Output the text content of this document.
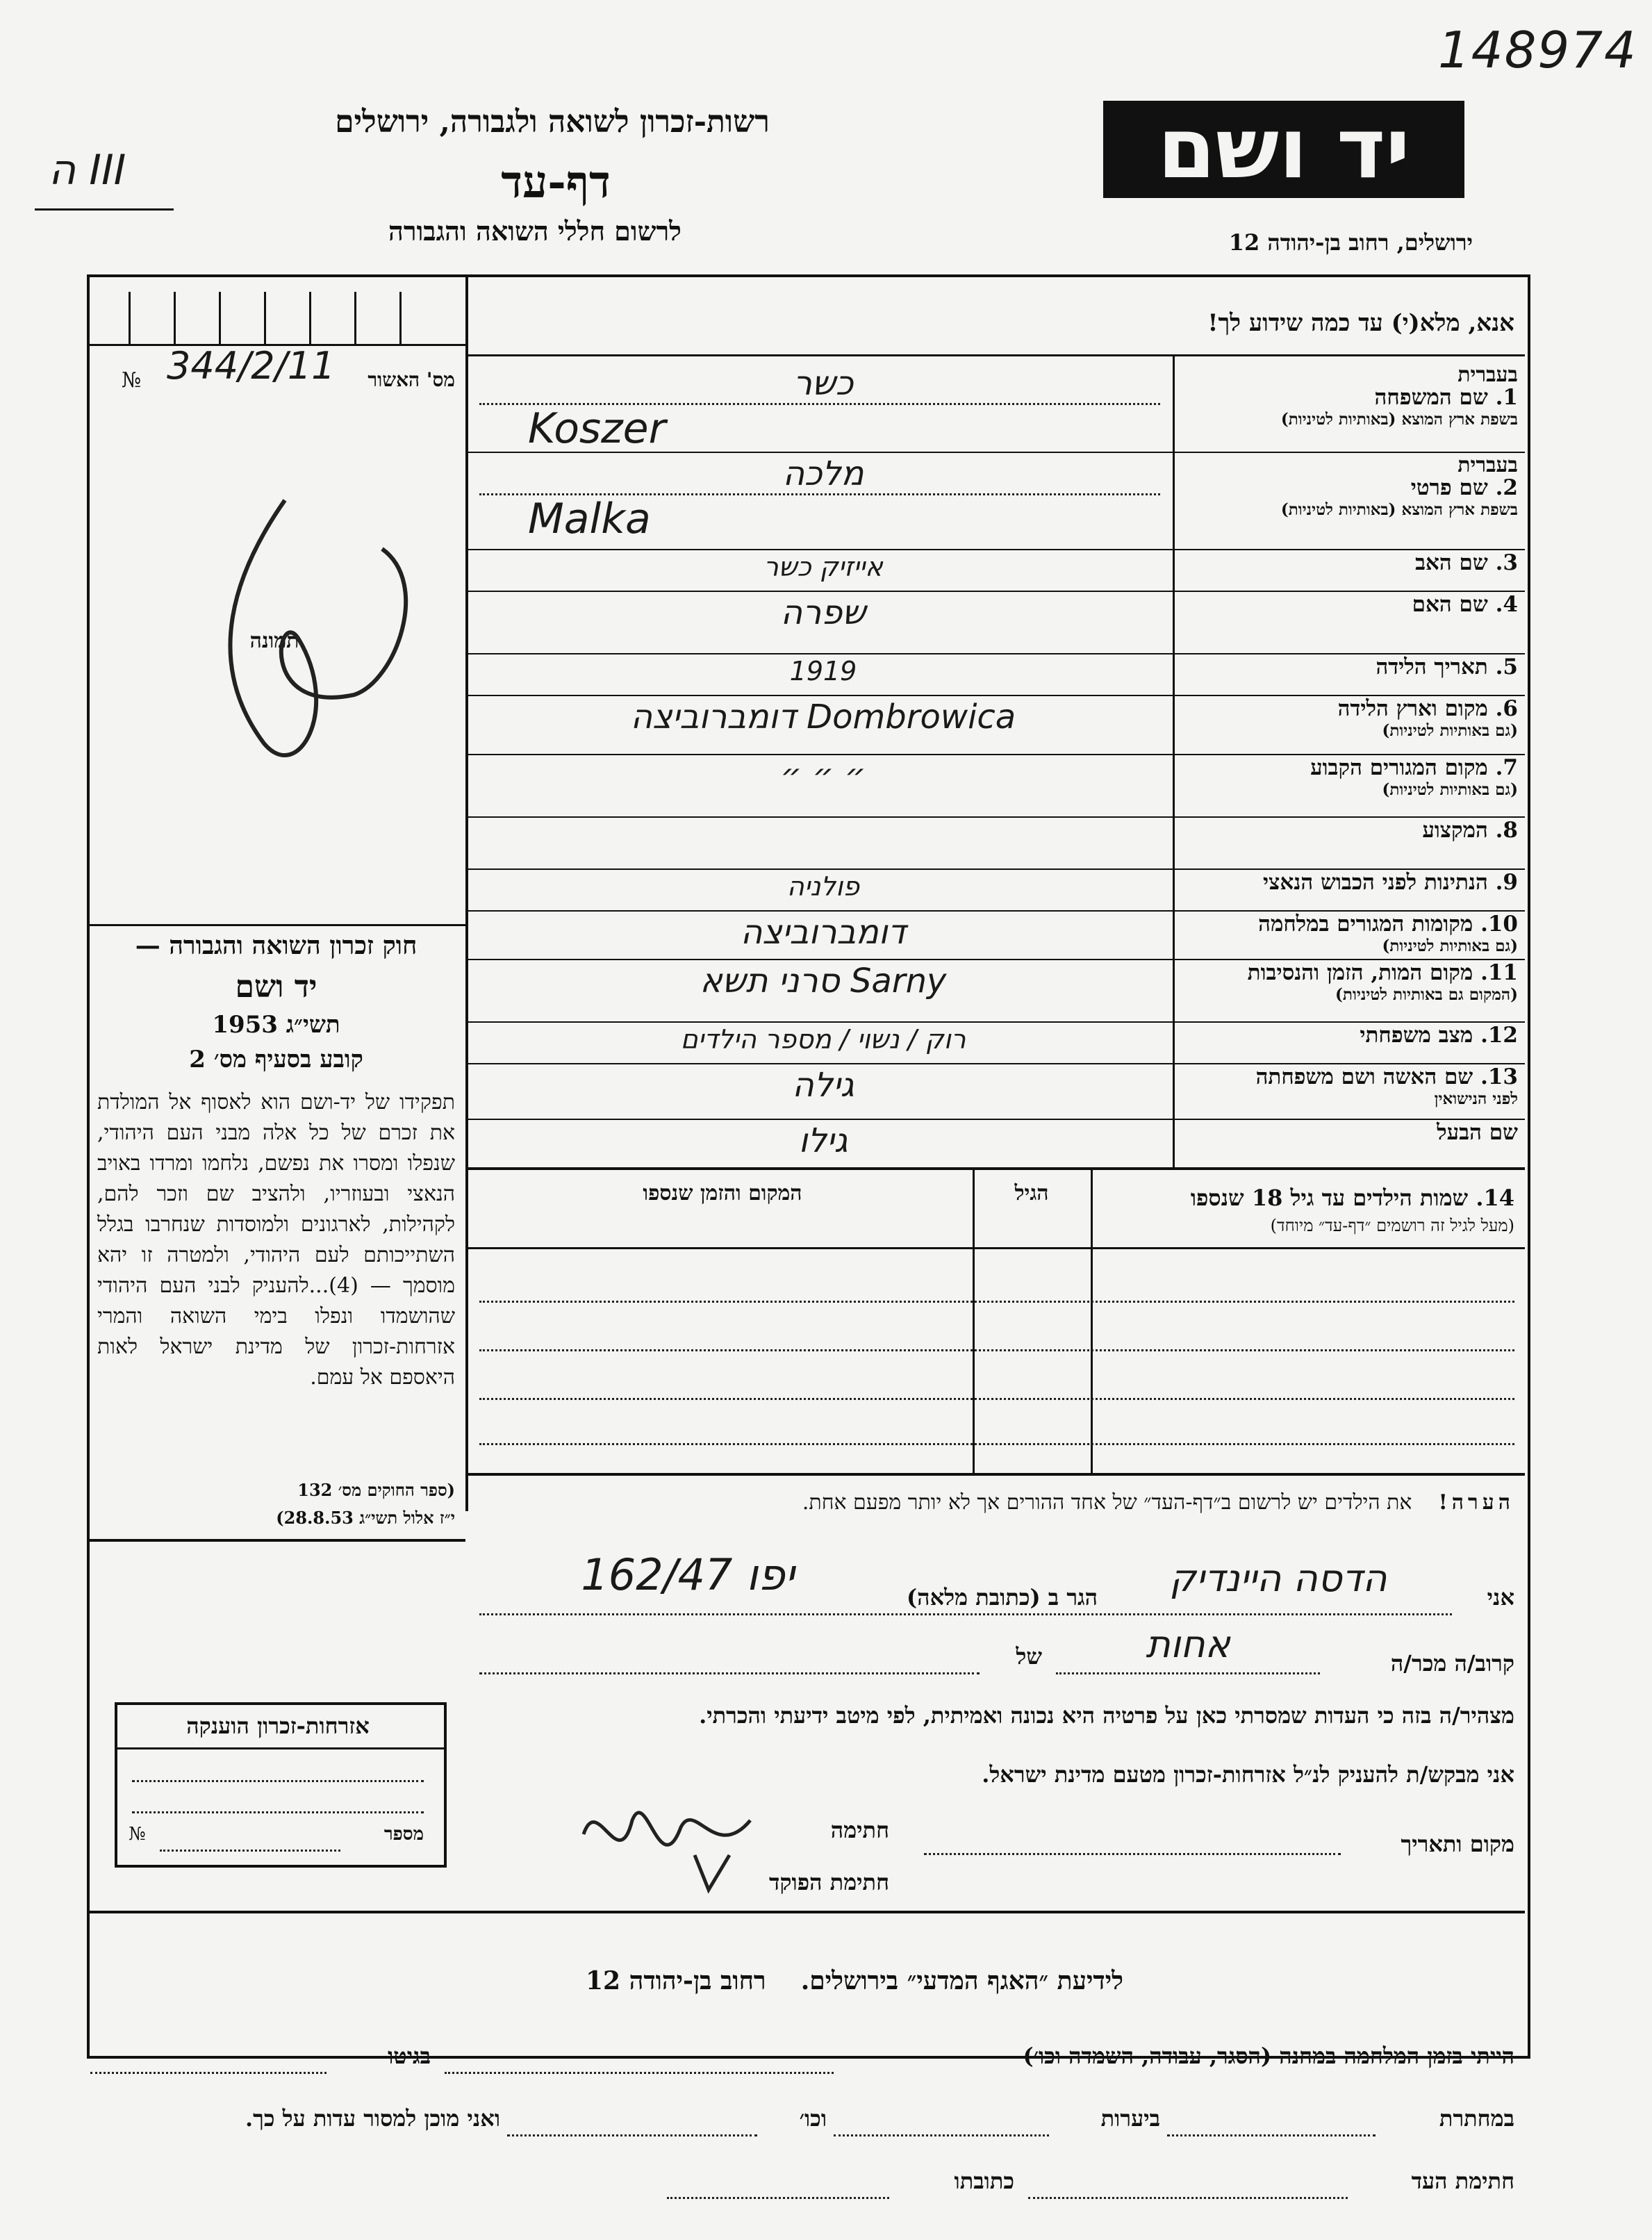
148974
ה III
רשות-זכרון לשואה ולגבורה, ירושלים
דף-עד
לרשום חללי השואה והגבורה
יד ושם
ירושלים, רחוב בן-יהודה 12
№ 344/2/11	מס' האשור
תמונה
חוק זכרון השואה והגבורה —
יד ושם
תשי״ג 1953
קובע בסעיף מס׳ 2
תפקידו של יד-ושם הוא לאסוף אל המולדת את זכרם של כל אלה מבני העם היהודי, שנפלו ומסרו את נפשם, נלחמו ומרדו באויב הנאצי ובעוזריו, ולהציב שם וזכר להם, לקהילות, לארגונים ולמוסדות שנחרבו בגלל השתייכותם לעם היהודי, ולמטרה זו יהא מוסמך — (4)...להעניק לבני העם היהודי שהושמדו ונפלו בימי השואה והמרי אזרחות-זכרון של מדינת ישראל לאות היאספם אל עמם.
(ספר החוקים מס׳ 132
י״ז אלול תשי״ג 28.8.53)
אנא, מלא(י) עד כמה שידוע לך!
בעברית
1. שם המשפחה
בשפת ארץ המוצא (באותיות לטיניות)
כשר
Koszer
בעברית
2. שם פרטי
בשפת ארץ המוצא (באותיות לטיניות)
מלכה
Malka
3. שם האב
אייזיק כשר
4. שם האם
שפרה
5. תאריך הלידה
1919
6. מקום וארץ הלידה
(גם באותיות לטיניות)
Dombrowica דומברוביצה
7. מקום המגורים הקבוע
(גם באותיות לטיניות)
״ ״ ״
8. המקצוע
9. הנתינות לפני הכבוש הנאצי
פולניה
10. מקומות המגורים במלחמה
(גם באותיות לטיניות)
דומברוביצה
11. מקום המות, הזמן והנסיבות
(המקום גם באותיות לטיניות)
Sarny סרני תשא
12. מצב משפחתי
רוק / נשוי / מספר הילדים
13. שם האשה ושם משפחתה
לפני הנישואין
גילה
שם הבעל
גילו
14. שמות הילדים עד גיל 18 שנספו
(מעל לגיל זה רושמים ״דף-עד״ מיוחד)
הגיל
המקום והזמן שנספו
הערה!    את הילדים יש לרשום ב״דף-העד״ של אחד ההורים אך לא יותר מפעם אחת.
אני
הדסה היינדיק
הגר ב (כתובת מלאה)
יפו 162/47
קרוב/ה מכר/ה
אחות
של
מצהיר/ה בזה כי העדות שמסרתי כאן על פרטיה היא נכונה ואמיתית, לפי מיטב ידיעתי והכרתי.
אני מבקש/ת להעניק לנ״ל אזרחות-זכרון מטעם מדינת ישראל.
מקום ותאריך
חתימה
חתימת הפוקד
אזרחות-זכרון הוענקה
№	מספר
לידיעת ״האגף המדעי״ בירושלים.    רחוב בן-יהודה 12
הייתי בזמן המלחמה במחנה (הסגר, עבודה, השמדה וכו׳)
בגיטו
במחתרת
ביערות
וכו׳
ואני מוכן למסור עדות על כך.
חתימת העד
כתובתו
